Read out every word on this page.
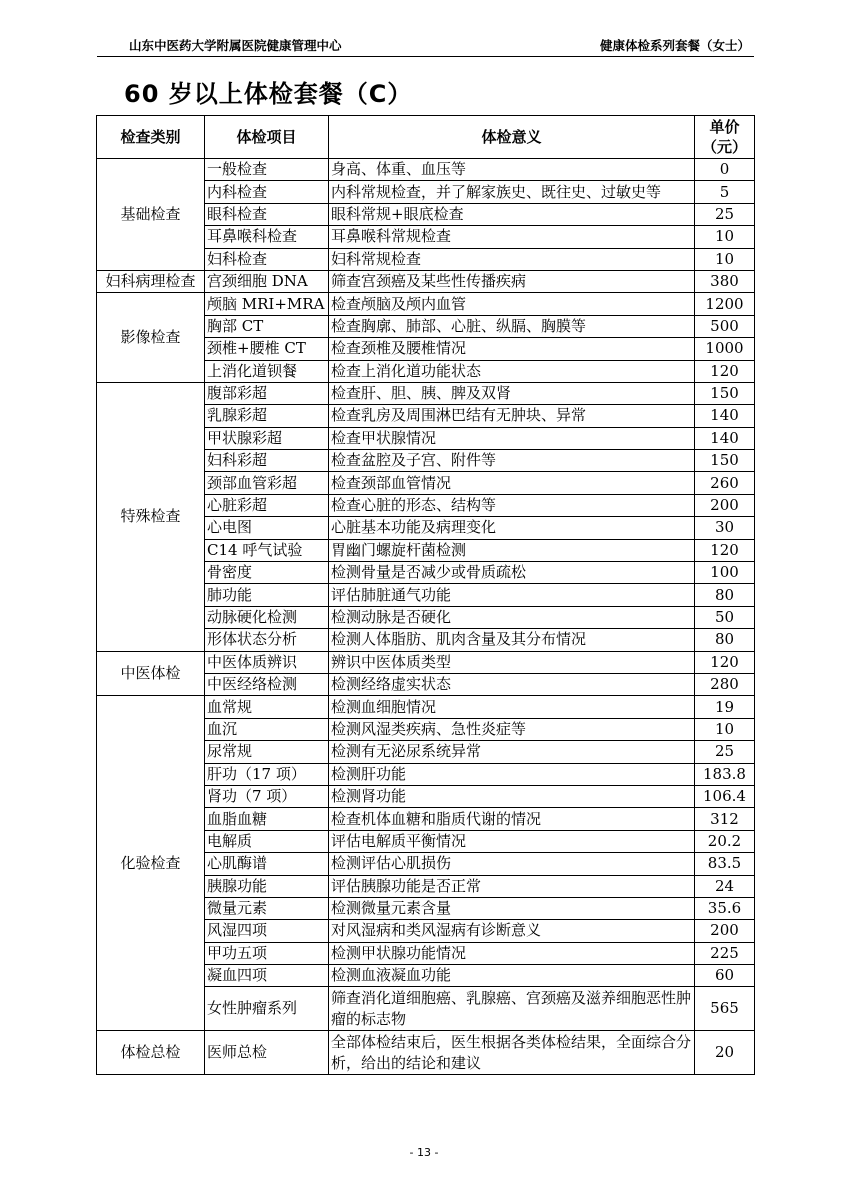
山东中医药大学附属医院健康管理中心	健康体检系列套餐（女士）
60 岁以上体检套餐（C）
检查类别	体检项目	体检意义	单价（元）
基础检查	一般检查	身高、体重、血压等	0
	内科检查	内科常规检查，并了解家族史、既往史、过敏史等	5
	眼科检查	眼科常规+眼底检查	25
	耳鼻喉科检查	耳鼻喉科常规检查	10
	妇科检查	妇科常规检查	10
妇科病理检查	宫颈细胞 DNA	筛查宫颈癌及某些性传播疾病	380
影像检查	颅脑 MRI+MRA	检查颅脑及颅内血管	1200
	胸部 CT	检查胸廓、肺部、心脏、纵膈、胸膜等	500
	颈椎+腰椎 CT	检查颈椎及腰椎情况	1000
	上消化道钡餐	检查上消化道功能状态	120
特殊检查	腹部彩超	检查肝、胆、胰、脾及双肾	150
	乳腺彩超	检查乳房及周围淋巴结有无肿块、异常	140
	甲状腺彩超	检查甲状腺情况	140
	妇科彩超	检查盆腔及子宫、附件等	150
	颈部血管彩超	检查颈部血管情况	260
	心脏彩超	检查心脏的形态、结构等	200
	心电图	心脏基本功能及病理变化	30
	C14 呼气试验	胃幽门螺旋杆菌检测	120
	骨密度	检测骨量是否减少或骨质疏松	100
	肺功能	评估肺脏通气功能	80
	动脉硬化检测	检测动脉是否硬化	50
	形体状态分析	检测人体脂肪、肌肉含量及其分布情况	80
中医体检	中医体质辨识	辨识中医体质类型	120
	中医经络检测	检测经络虚实状态	280
化验检查	血常规	检测血细胞情况	19
	血沉	检测风湿类疾病、急性炎症等	10
	尿常规	检测有无泌尿系统异常	25
	肝功（17 项）	检测肝功能	183.8
	肾功（7 项）	检测肾功能	106.4
	血脂血糖	检查机体血糖和脂质代谢的情况	312
	电解质	评估电解质平衡情况	20.2
	心肌酶谱	检测评估心肌损伤	83.5
	胰腺功能	评估胰腺功能是否正常	24
	微量元素	检测微量元素含量	35.6
	风湿四项	对风湿病和类风湿病有诊断意义	200
	甲功五项	检测甲状腺功能情况	225
	凝血四项	检测血液凝血功能	60
	女性肿瘤系列	筛查消化道细胞癌、乳腺癌、宫颈癌及滋养细胞恶性肿瘤的标志物	565
体检总检	医师总检	全部体检结束后，医生根据各类体检结果，全面综合分析，给出的结论和建议	20
- 13 -
